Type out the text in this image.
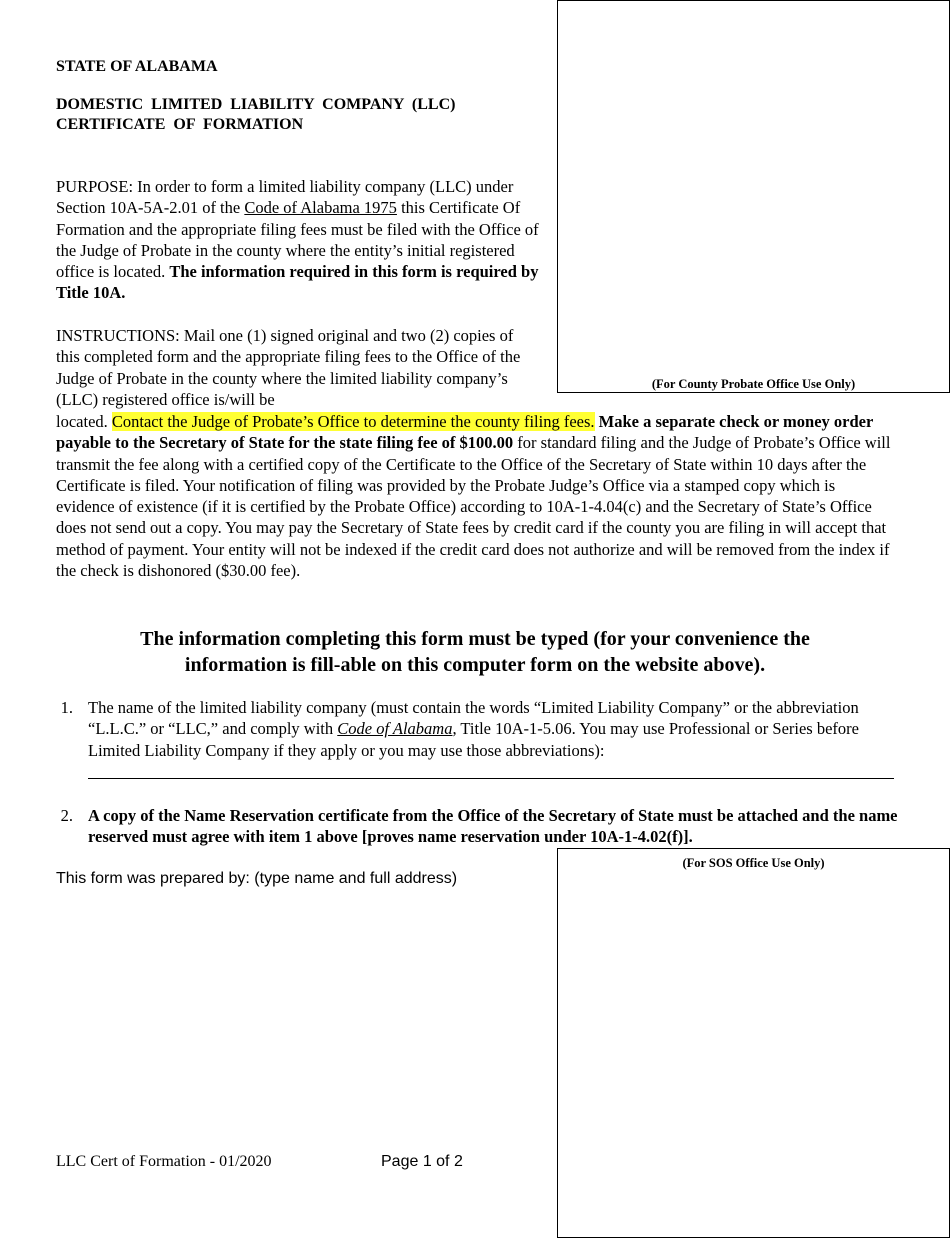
(For County Probate Office Use Only)
STATE OF ALABAMA
DOMESTIC LIMITED LIABILITY COMPANY (LLC)
CERTIFICATE OF FORMATION
PURPOSE: In order to form a limited liability company (LLC) under Section 10A-5A-2.01 of the Code of Alabama 1975 this Certificate Of Formation and the appropriate filing fees must be filed with the Office of the Judge of Probate in the county where the entity’s initial registered office is located. The information required in this form is required by Title 10A.
INSTRUCTIONS: Mail one (1) signed original and two (2) copies of this completed form and the appropriate filing fees to the Office of the Judge of Probate in the county where the limited liability company’s (LLC) registered office is/will be
located. Contact the Judge of Probate’s Office to determine the county filing fees. Make a separate check or money order payable to the Secretary of State for the state filing fee of $100.00 for standard filing and the Judge of Probate’s Office will transmit the fee along with a certified copy of the Certificate to the Office of the Secretary of State within 10 days after the Certificate is filed. Your notification of filing was provided by the Probate Judge’s Office via a stamped copy which is evidence of existence (if it is certified by the Probate Office) according to 10A-1-4.04(c) and the Secretary of State’s Office does not send out a copy. You may pay the Secretary of State fees by credit card if the county you are filing in will accept that method of payment. Your entity will not be indexed if the credit card does not authorize and will be removed from the index if the check is dishonored ($30.00 fee).
The information completing this form must be typed (for your convenience the
information is fill-able on this computer form on the website above).
1. The name of the limited liability company (must contain the words “Limited Liability Company” or the abbreviation “L.L.C.” or “LLC,” and comply with Code of Alabama, Title 10A-1-5.06. You may use Professional or Series before Limited Liability Company if they apply or you may use those abbreviations):
2. A copy of the Name Reservation certificate from the Office of the Secretary of State must be attached and the name reserved must agree with item 1 above [proves name reservation under 10A-1-4.02(f)].
(For SOS Office Use Only)
This form was prepared by: (type name and full address)
LLC Cert of Formation - 01/2020	Page 1 of 2
